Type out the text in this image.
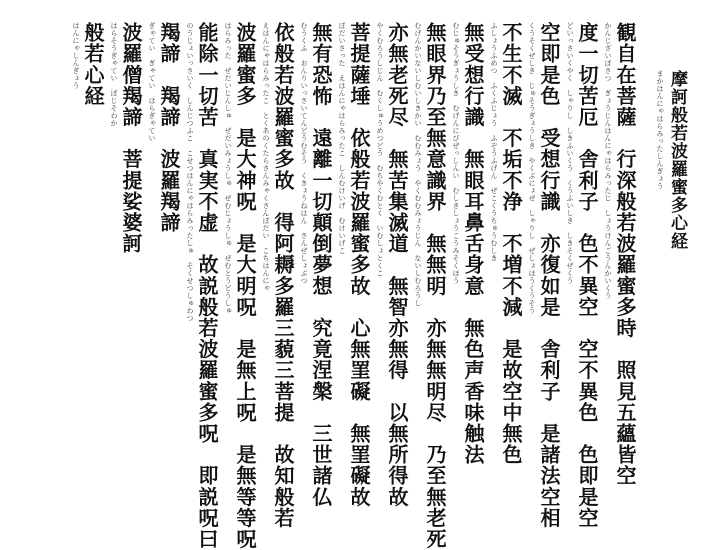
まかはんにゃはらみったしんぎょう 摩訶般若波羅蜜多心経
かんじざいぼさつ　ぎょうじんはんにゃはらみったじ　しょうけんごうんかいくう 観自在菩薩　行深般若波羅蜜多時　照見五蘊皆空
どいっさいくやく　しゃりし　しきふいくう　くうふいしき　しきそくぜくう 度一切苦厄　舎利子　色不異空　空不異色　色即是空
くうそくぜしき　じゅそうぎょうしき　やくぶにょぜ　しゃりし　ぜしょほうくうそう 空即是色　受想行識　亦復如是　舎利子　是諸法空相
ふしょうふめつ　ふくふじょう　ふぞうふげん　ぜこくうちゅうむしき 不生不滅　不垢不浄　不増不減　是故空中無色
むじゅそうぎょうしき　むげんにびぜっしんい　むしきしょうこうみそくほう 無受想行識　無眼耳鼻舌身意　無色声香味触法
むげんかいないしむいしきかい　むむみょう　やくむむみょうじん　ないしむろうし 無眼界乃至無意識界　無無明　亦無無明尽　乃至無老死
やくむろうしじん　むくしゅうめつどう　むちやくむとく　いむしょとくこ 亦無老死尽　無苦集滅道　無智亦無得　以無所得故
ぼだいさった　えはんにゃはらみったこ　しんむけいげ　むけいげこ 菩提薩埵　依般若波羅蜜多故　心無罣礙　無罣礙故
むうくふ　おんりいっさいてんどうむそう　くきょうねはん　さんぜしょぶつ 無有恐怖　遠離一切顛倒夢想　究竟涅槃　三世諸仏
えはんにゃはらみったこ　とくあのくたらさんみゃくさんぼだい　こちはんにゃ 依般若波羅蜜多故　得阿耨多羅三藐三菩提　故知般若
はらみった　ぜだいじんしゅ　ぜだいみょうしゅ　ぜむじょうしゅ　ぜむとうどうしゅ 波羅蜜多　是大神呪　是大明呪　是無上呪　是無等等呪
のうじょいっさいく　しんじつふこ　こせつはんにゃはらみったしゅ　そくせつしゅわつ 能除一切苦　真実不虚　故説般若波羅蜜多呪　即説呪曰
ぎゃてい　ぎゃてい　はらぎゃてい 羯諦　羯諦　波羅羯諦
はらそうぎゃてい　ぼじそわか 波羅僧羯諦　菩提娑婆訶
はんにゃしんぎょう 般若心経
